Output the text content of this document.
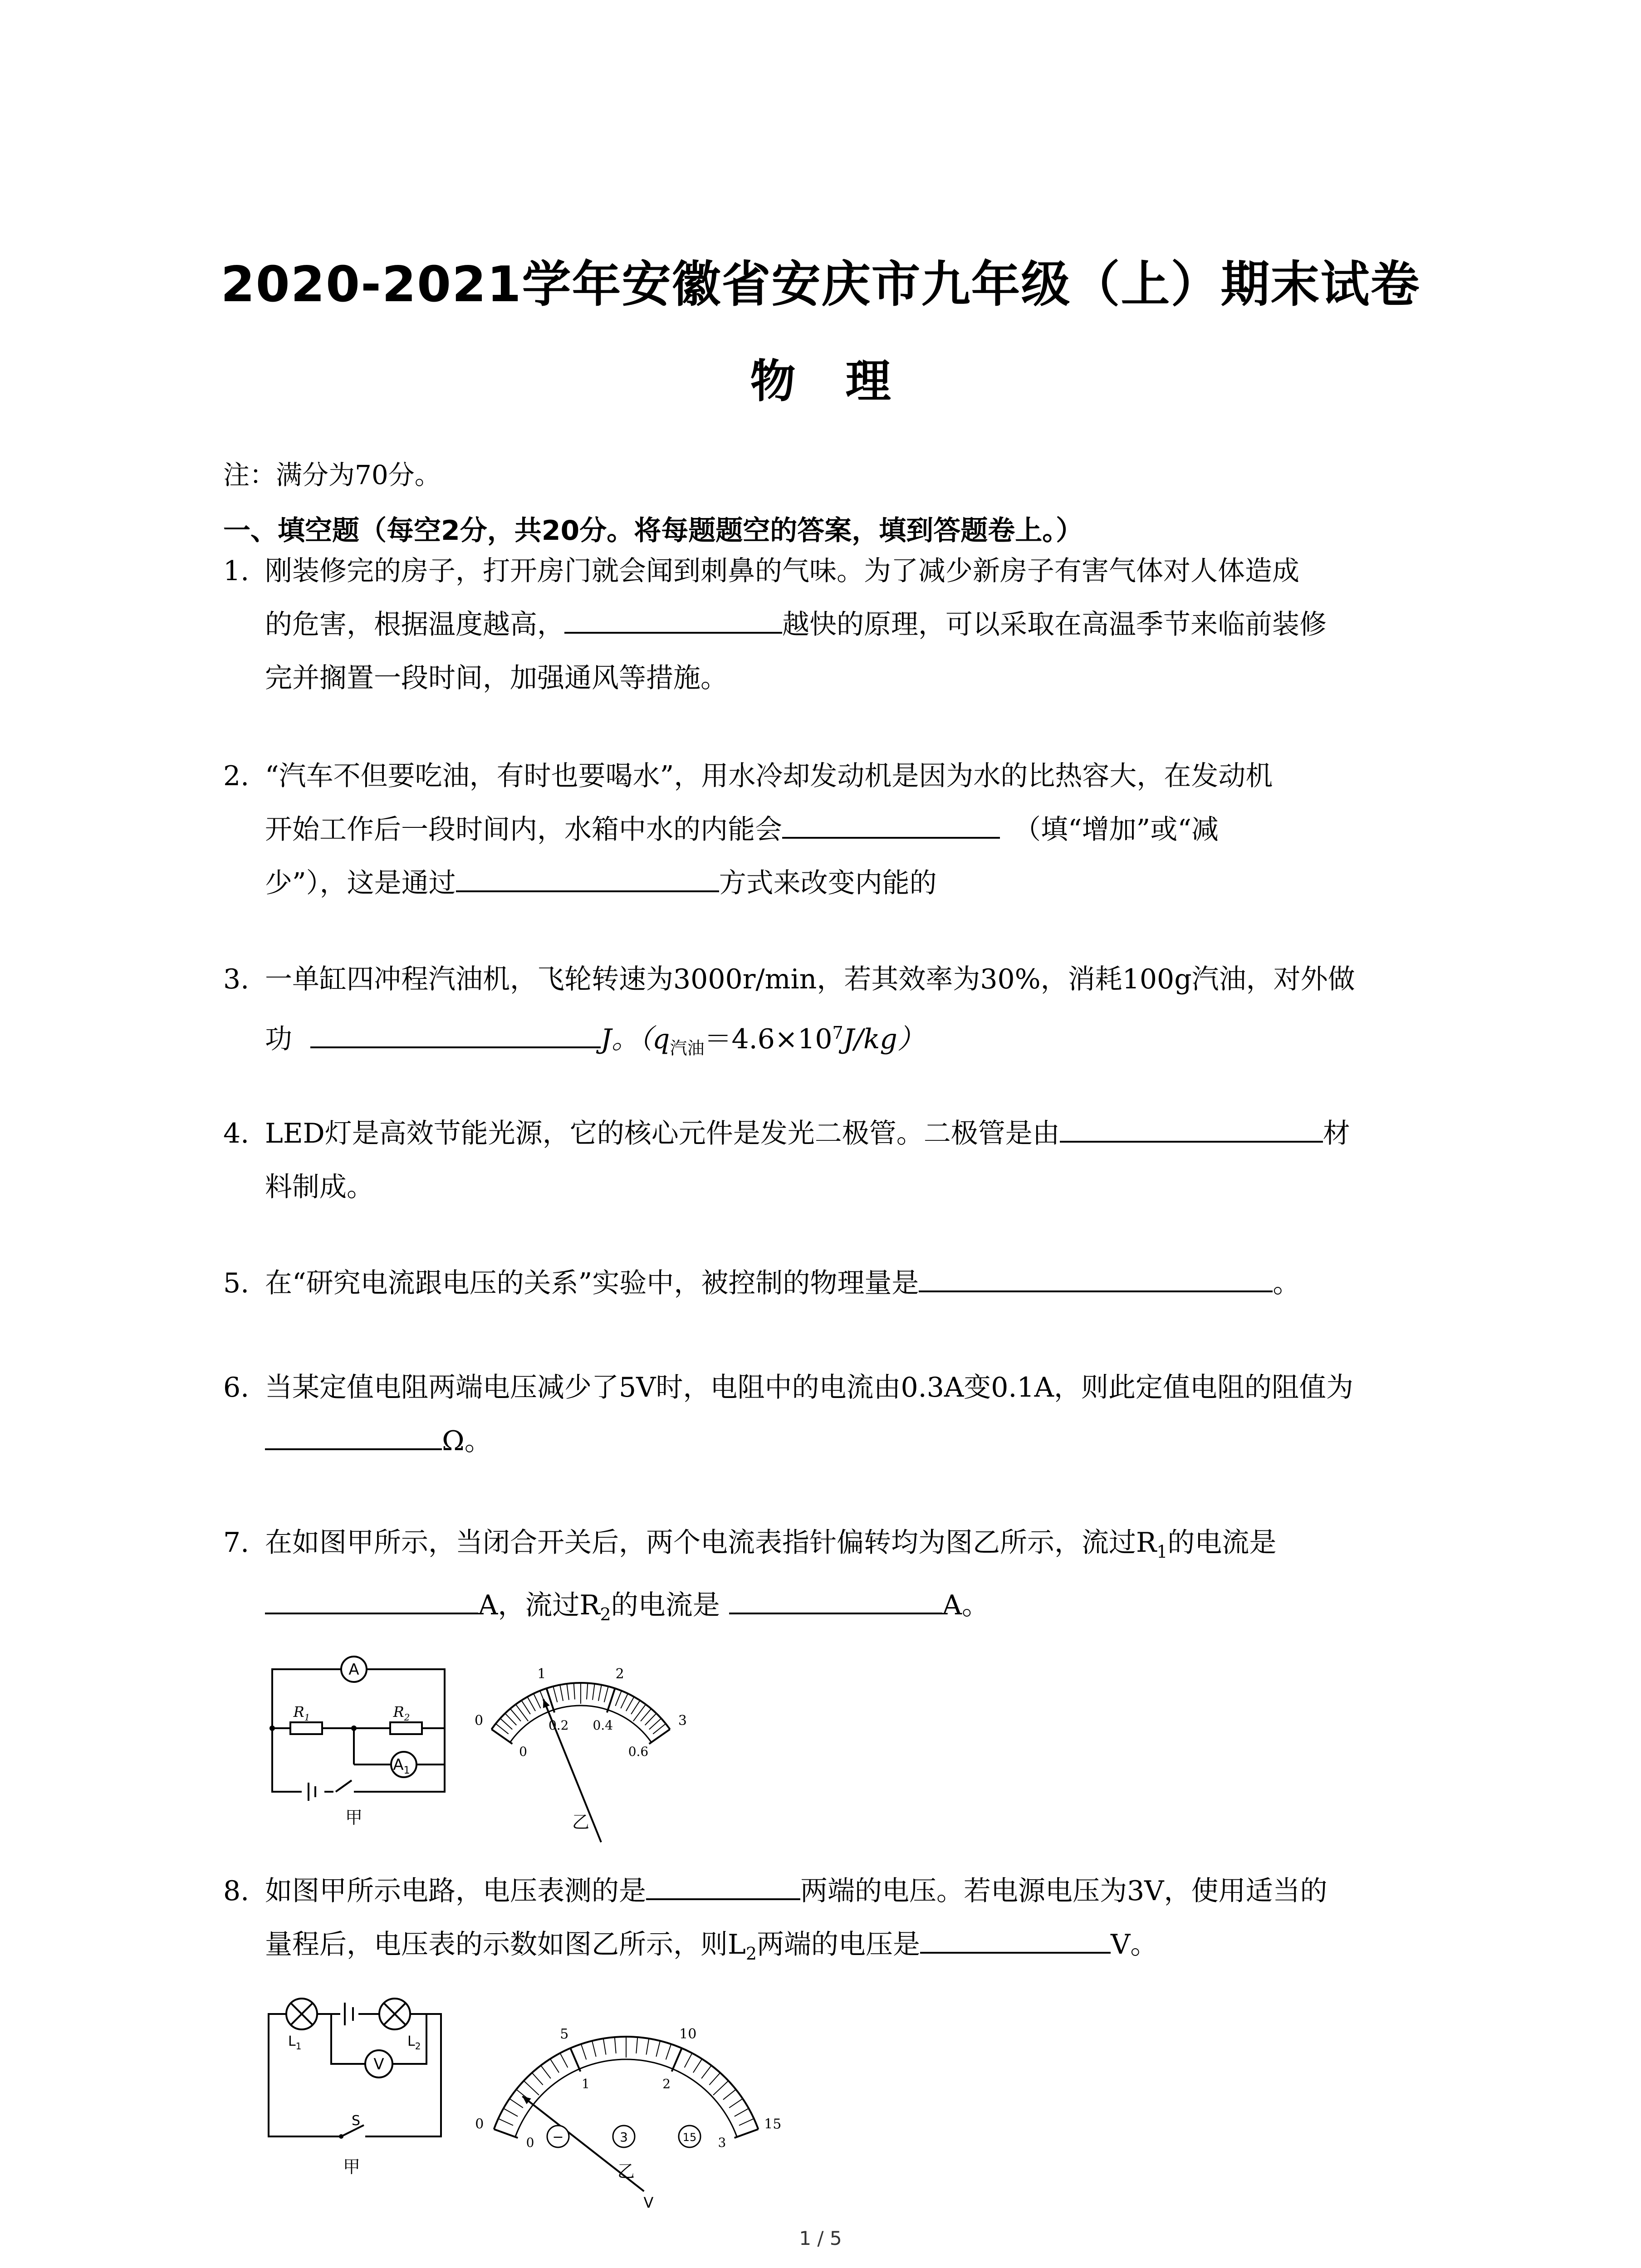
2020-2021学年安徽省安庆市九年级（上）期末试卷
物理
注：满分为70分。
一、填空题（每空2分，共20分。将每题题空的答案，填到答题卷上。）
1. 刚装修完的房子，打开房门就会闻到刺鼻的气味。为了减少新房子有害气体对人体造成
的危害，根据温度越高，	越快的原理，可以采取在高温季节来临前装修
完并搁置一段时间，加强通风等措施。
2. “汽车不但要吃油，有时也要喝水”，用水冷却发动机是因为水的比热容大，在发动机
开始工作后一段时间内，水箱中水的内能会	（填“增加”或“减
少”），这是通过	方式来改变内能的
3. 一单缸四冲程汽油机，飞轮转速为3000r/min，若其效率为30%，消耗100g汽油，对外做
功	J。$(q_{汽油}=4.6\times 10^7J/kg)$
4. LED灯是高效节能光源，它的核心元件是发光二极管。二极管是由	材
料制成。
5. 在“研究电流跟电压的关系”实验中，被控制的物理量是	。
6. 当某定值电阻两端电压减少了5V时，电阻中的电流由0.3A变0.1A，则此定值电阻的阻值为
Ω。
7. 在如图甲所示，当闭合开关后，两个电流表指针偏转均为图乙所示，流过$R_1$的电流是
A，流过$R_2$的电流是	A。
A
$A_1$
$R_1$	$R_2$
甲
0
1	2
3
0
0.2 0.4
0.6
乙
8. 如图甲所示电路，电压表测的是	两端的电压。若电源电压为3V，使用适当的
量程后，电压表的示数如图乙所示，则$L_2$两端的电压是	V。
V
$L_1$	$L_2$
S
甲
0
5	10
15
0
1	2
3
V
−	3	15
乙
1 / 5
